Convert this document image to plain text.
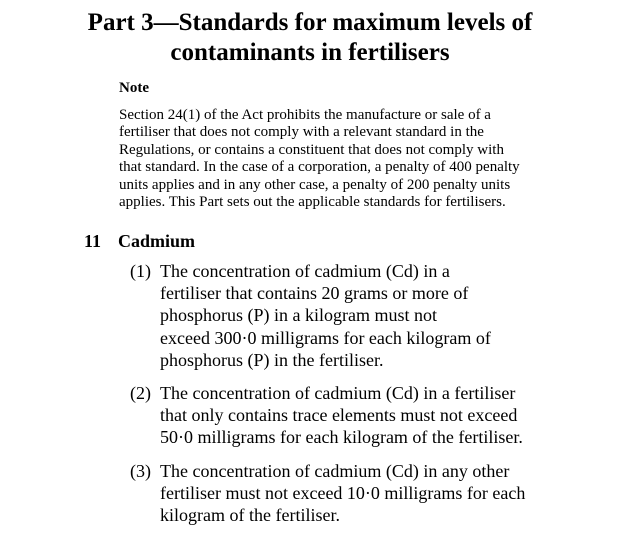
Part 3—Standards for maximum levels of
contaminants in fertilisers
Note
Section 24(1) of the Act prohibits the manufacture or sale of a
fertiliser that does not comply with a relevant standard in the
Regulations, or contains a constituent that does not comply with
that standard. In the case of a corporation, a penalty of 400 penalty
units applies and in any other case, a penalty of 200 penalty units
applies. This Part sets out the applicable standards for fertilisers.
11 Cadmium
(1) The concentration of cadmium (Cd) in a
fertiliser that contains 20 grams or more of
phosphorus (P) in a kilogram must not
exceed 300·0 milligrams for each kilogram of
phosphorus (P) in the fertiliser.
(2) The concentration of cadmium (Cd) in a fertiliser
that only contains trace elements must not exceed
50·0 milligrams for each kilogram of the fertiliser.
(3) The concentration of cadmium (Cd) in any other
fertiliser must not exceed 10·0 milligrams for each
kilogram of the fertiliser.
